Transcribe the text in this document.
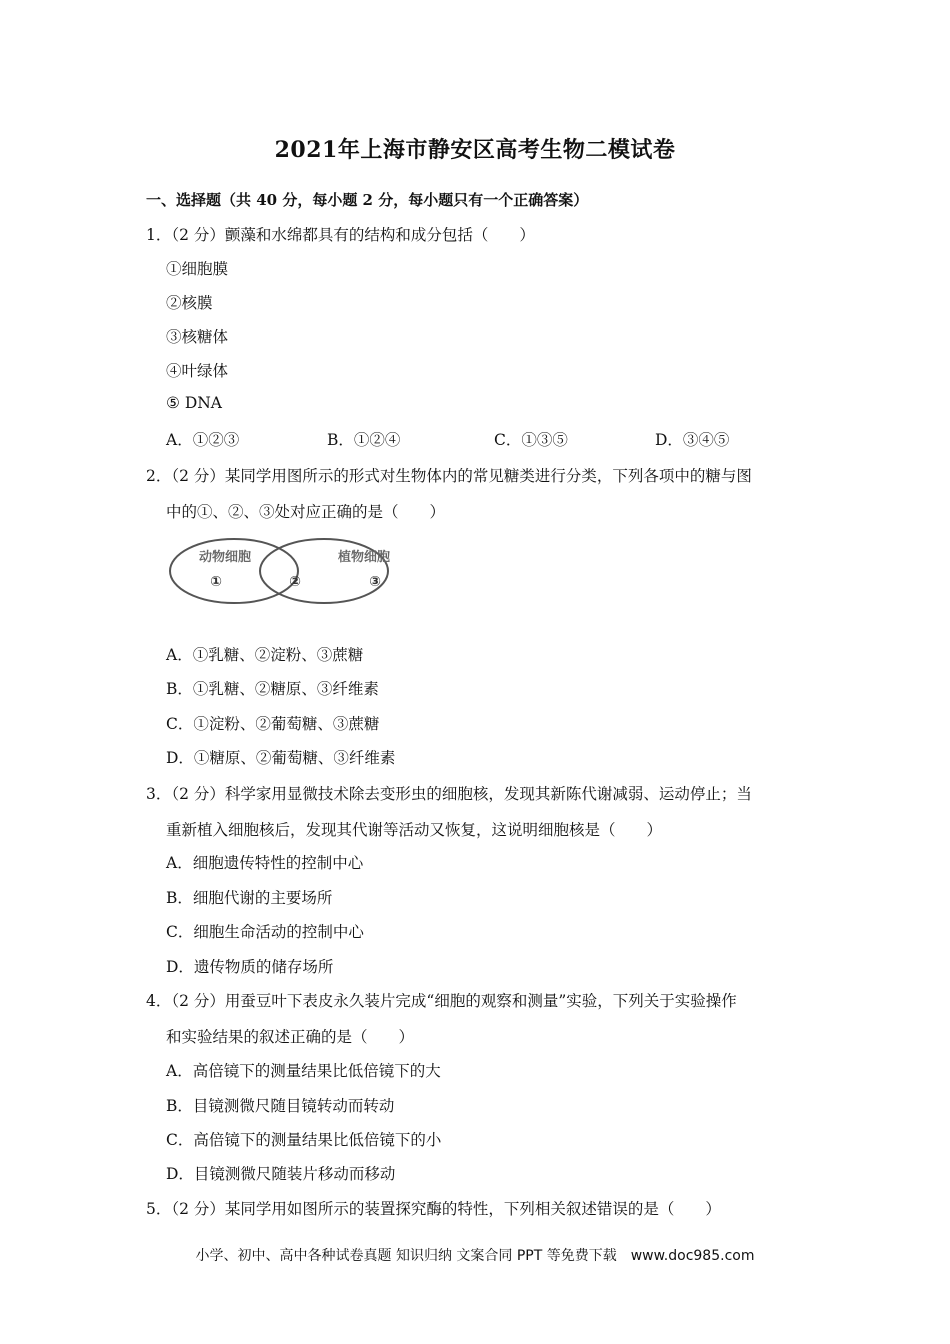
2021年上海市静安区高考生物二模试卷
一、选择题（共 40 分，每小题 2 分，每小题只有一个正确答案）
1．（2 分）颤藻和水绵都具有的结构和成分包括（　　）
①细胞膜
②核膜
③核糖体
④叶绿体
⑤ DNA
A．①②③	B．①②④	C．①③⑤	D．③④⑤
2．（2 分）某同学用图所示的形式对生物体内的常见糖类进行分类，下列各项中的糖与图
中的①、②、③处对应正确的是（　　）
动物细胞	植物细胞
①	②	③
A．①乳糖、②淀粉、③蔗糖
B．①乳糖、②糖原、③纤维素
C．①淀粉、②葡萄糖、③蔗糖
D．①糖原、②葡萄糖、③纤维素
3．（2 分）科学家用显微技术除去变形虫的细胞核，发现其新陈代谢减弱、运动停止；当
重新植入细胞核后，发现其代谢等活动又恢复，这说明细胞核是（　　）
A．细胞遗传特性的控制中心
B．细胞代谢的主要场所
C．细胞生命活动的控制中心
D．遗传物质的储存场所
4．（2 分）用蚕豆叶下表皮永久装片完成“细胞的观察和测量”实验，下列关于实验操作
和实验结果的叙述正确的是（　　）
A．高倍镜下的测量结果比低倍镜下的大
B．目镜测微尺随目镜转动而转动
C．高倍镜下的测量结果比低倍镜下的小
D．目镜测微尺随装片移动而移动
5．（2 分）某同学用如图所示的装置探究酶的特性，下列相关叙述错误的是（　　）
小学、初中、高中各种试卷真题 知识归纳 文案合同 PPT 等免费下载　www.doc985.com
